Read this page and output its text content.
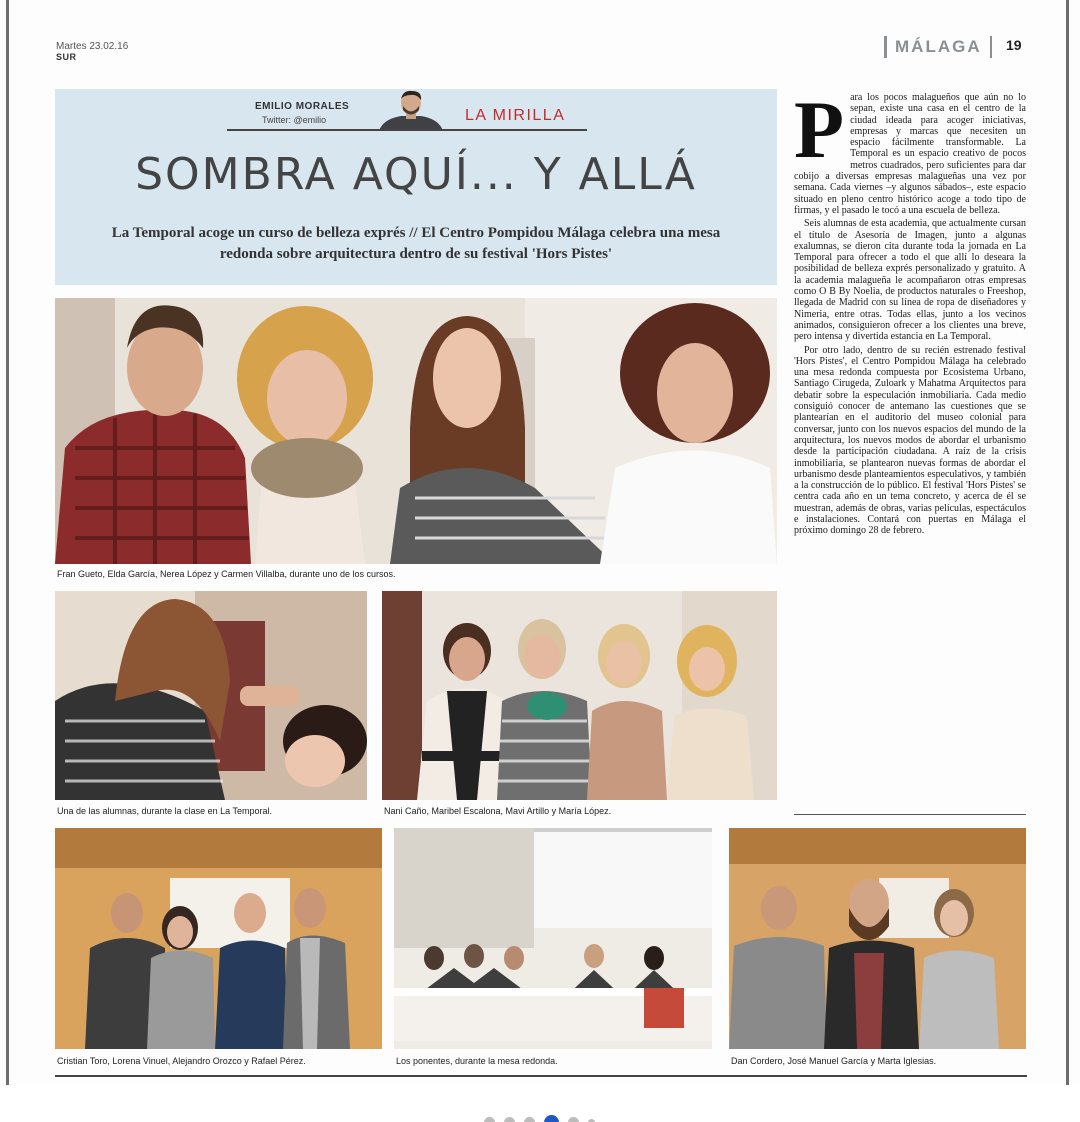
Martes 23.02.16
SUR
MÁLAGA	19
EMILIO MORALES
Twitter: @emilio	LA MIRILLA
SOMBRA AQUÍ... Y ALLÁ
La Temporal acoge un curso de belleza exprés // El Centro Pompidou Málaga celebra una mesa redonda sobre arquitectura dentro de su festival 'Hors Pistes'
Fran Gueto, Elda García, Nerea López y Carmen Villalba, durante uno de los cursos.
Una de las alumnas, durante la clase en La Temporal.	Nani Caño, Maribel Escalona, Mavi Artillo y María López.
Cristian Toro, Lorena Vinuel, Alejandro Orozco y Rafael Pérez.	Los ponentes, durante la mesa redonda.	Dan Cordero, José Manuel García y Marta Iglesias.
P ara los pocos malagueños que aún no lo sepan, existe una casa en el centro de la ciudad ideada para acoger iniciativas, empresas y marcas que necesiten un espacio fácilmente transformable. La Temporal es un espacio creativo de pocos metros cuadrados, pero suficientes para dar cobijo a diversas empresas malagueñas una vez por semana. Cada viernes –y algunos sábados–, este espacio situado en pleno centro histórico acoge a todo tipo de firmas, y el pasado le tocó a una escuela de belleza.

Seis alumnas de esta academia, que actualmente cursan el título de Asesoría de Imagen, junto a algunas exalumnas, se dieron cita durante toda la jornada en La Temporal para ofrecer a todo el que allí lo deseara la posibilidad de belleza exprés personalizado y gratuito. A la academia malagueña le acompañaron otras empresas como O B By Noelia, de productos naturales o Freeshop, llegada de Madrid con su línea de ropa de diseñadores y Nimeria, entre otras. Todas ellas, junto a los vecinos animados, consiguieron ofrecer a los clientes una breve, pero intensa y divertida estancia en La Temporal.

Por otro lado, dentro de su recién estrenado festival 'Hors Pistes', el Centro Pompidou Málaga ha celebrado una mesa redonda compuesta por Ecosistema Urbano, Santiago Cirugeda, Zuloark y Mahatma Arquitectos para debatir sobre la especulación inmobiliaria. Cada medio consiguió conocer de antemano las cuestiones que se plantearían en el auditorio del museo colonial para conversar, junto con los nuevos espacios del mundo de la arquitectura, los nuevos modos de abordar el urbanismo desde la participación ciudadana. A raíz de la crisis inmobiliaria, se plantearon nuevas formas de abordar el urbanismo desde planteamientos especulativos, y también a la construcción de lo público. El festival 'Hors Pistes' se centra cada año en un tema concreto, y acerca de él se muestran, además de obras, varias películas, espectáculos e instalaciones. Contará con puertas en Málaga el próximo domingo 28 de febrero.
